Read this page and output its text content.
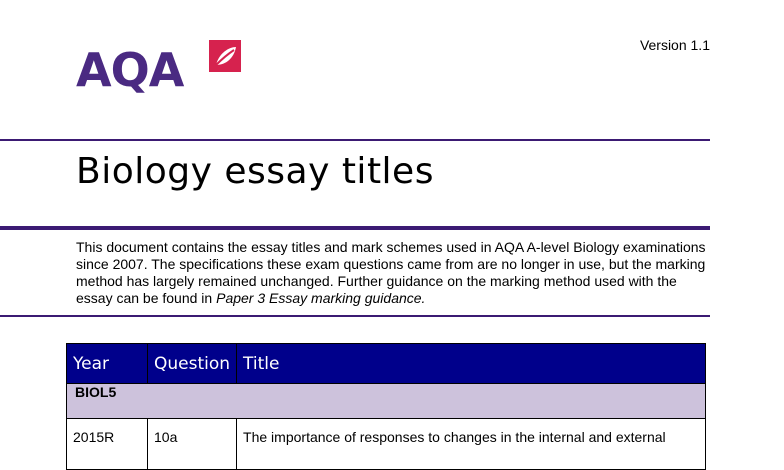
AQA	Version 1.1
Biology essay titles

This document contains the essay titles and mark schemes used in AQA A-level Biology examinations since 2007. The specifications these exam questions came from are no longer in use, but the marking method has largely remained unchanged. Further guidance on the marking method used with the essay can be found in Paper 3 Essay marking guidance.

Year	Question	Title
BIOL5		
2015R	10a	The importance of responses to changes in the internal and external
